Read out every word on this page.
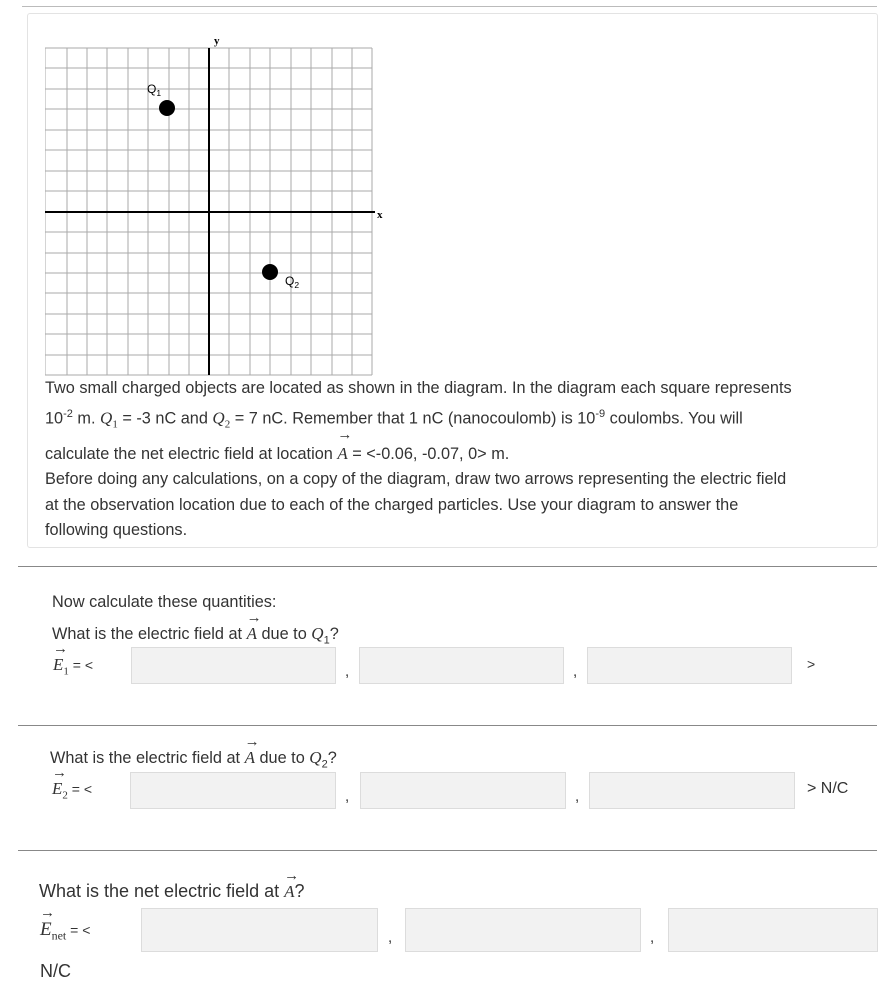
y
x
$Q_1$
$Q_2$
Two small charged objects are located as shown in the diagram. In the diagram each square represents
$10^{-2}$ m. $Q_1 = -3$ nC and $Q_2 = 7$ nC. Remember that 1 nC (nanocoulomb) is $10^{-9}$ coulombs. You will
calculate the net electric field at location → A = <-0.06, -0.07, 0> m.
Before doing any calculations, on a copy of the diagram, draw two arrows representing the electric field
at the observation location due to each of the charged particles. Use your diagram to answer the
following questions.
Now calculate these quantities:
What is the electric field at → A due to $Q_1$?
→ $E_1$ = <	,	,	>
What is the electric field at → A due to $Q_2$?
→ $E_2$ = <	,	,	> N/C
What is the net electric field at → A?
→ $E_{net}$ = <	,	,
N/C
